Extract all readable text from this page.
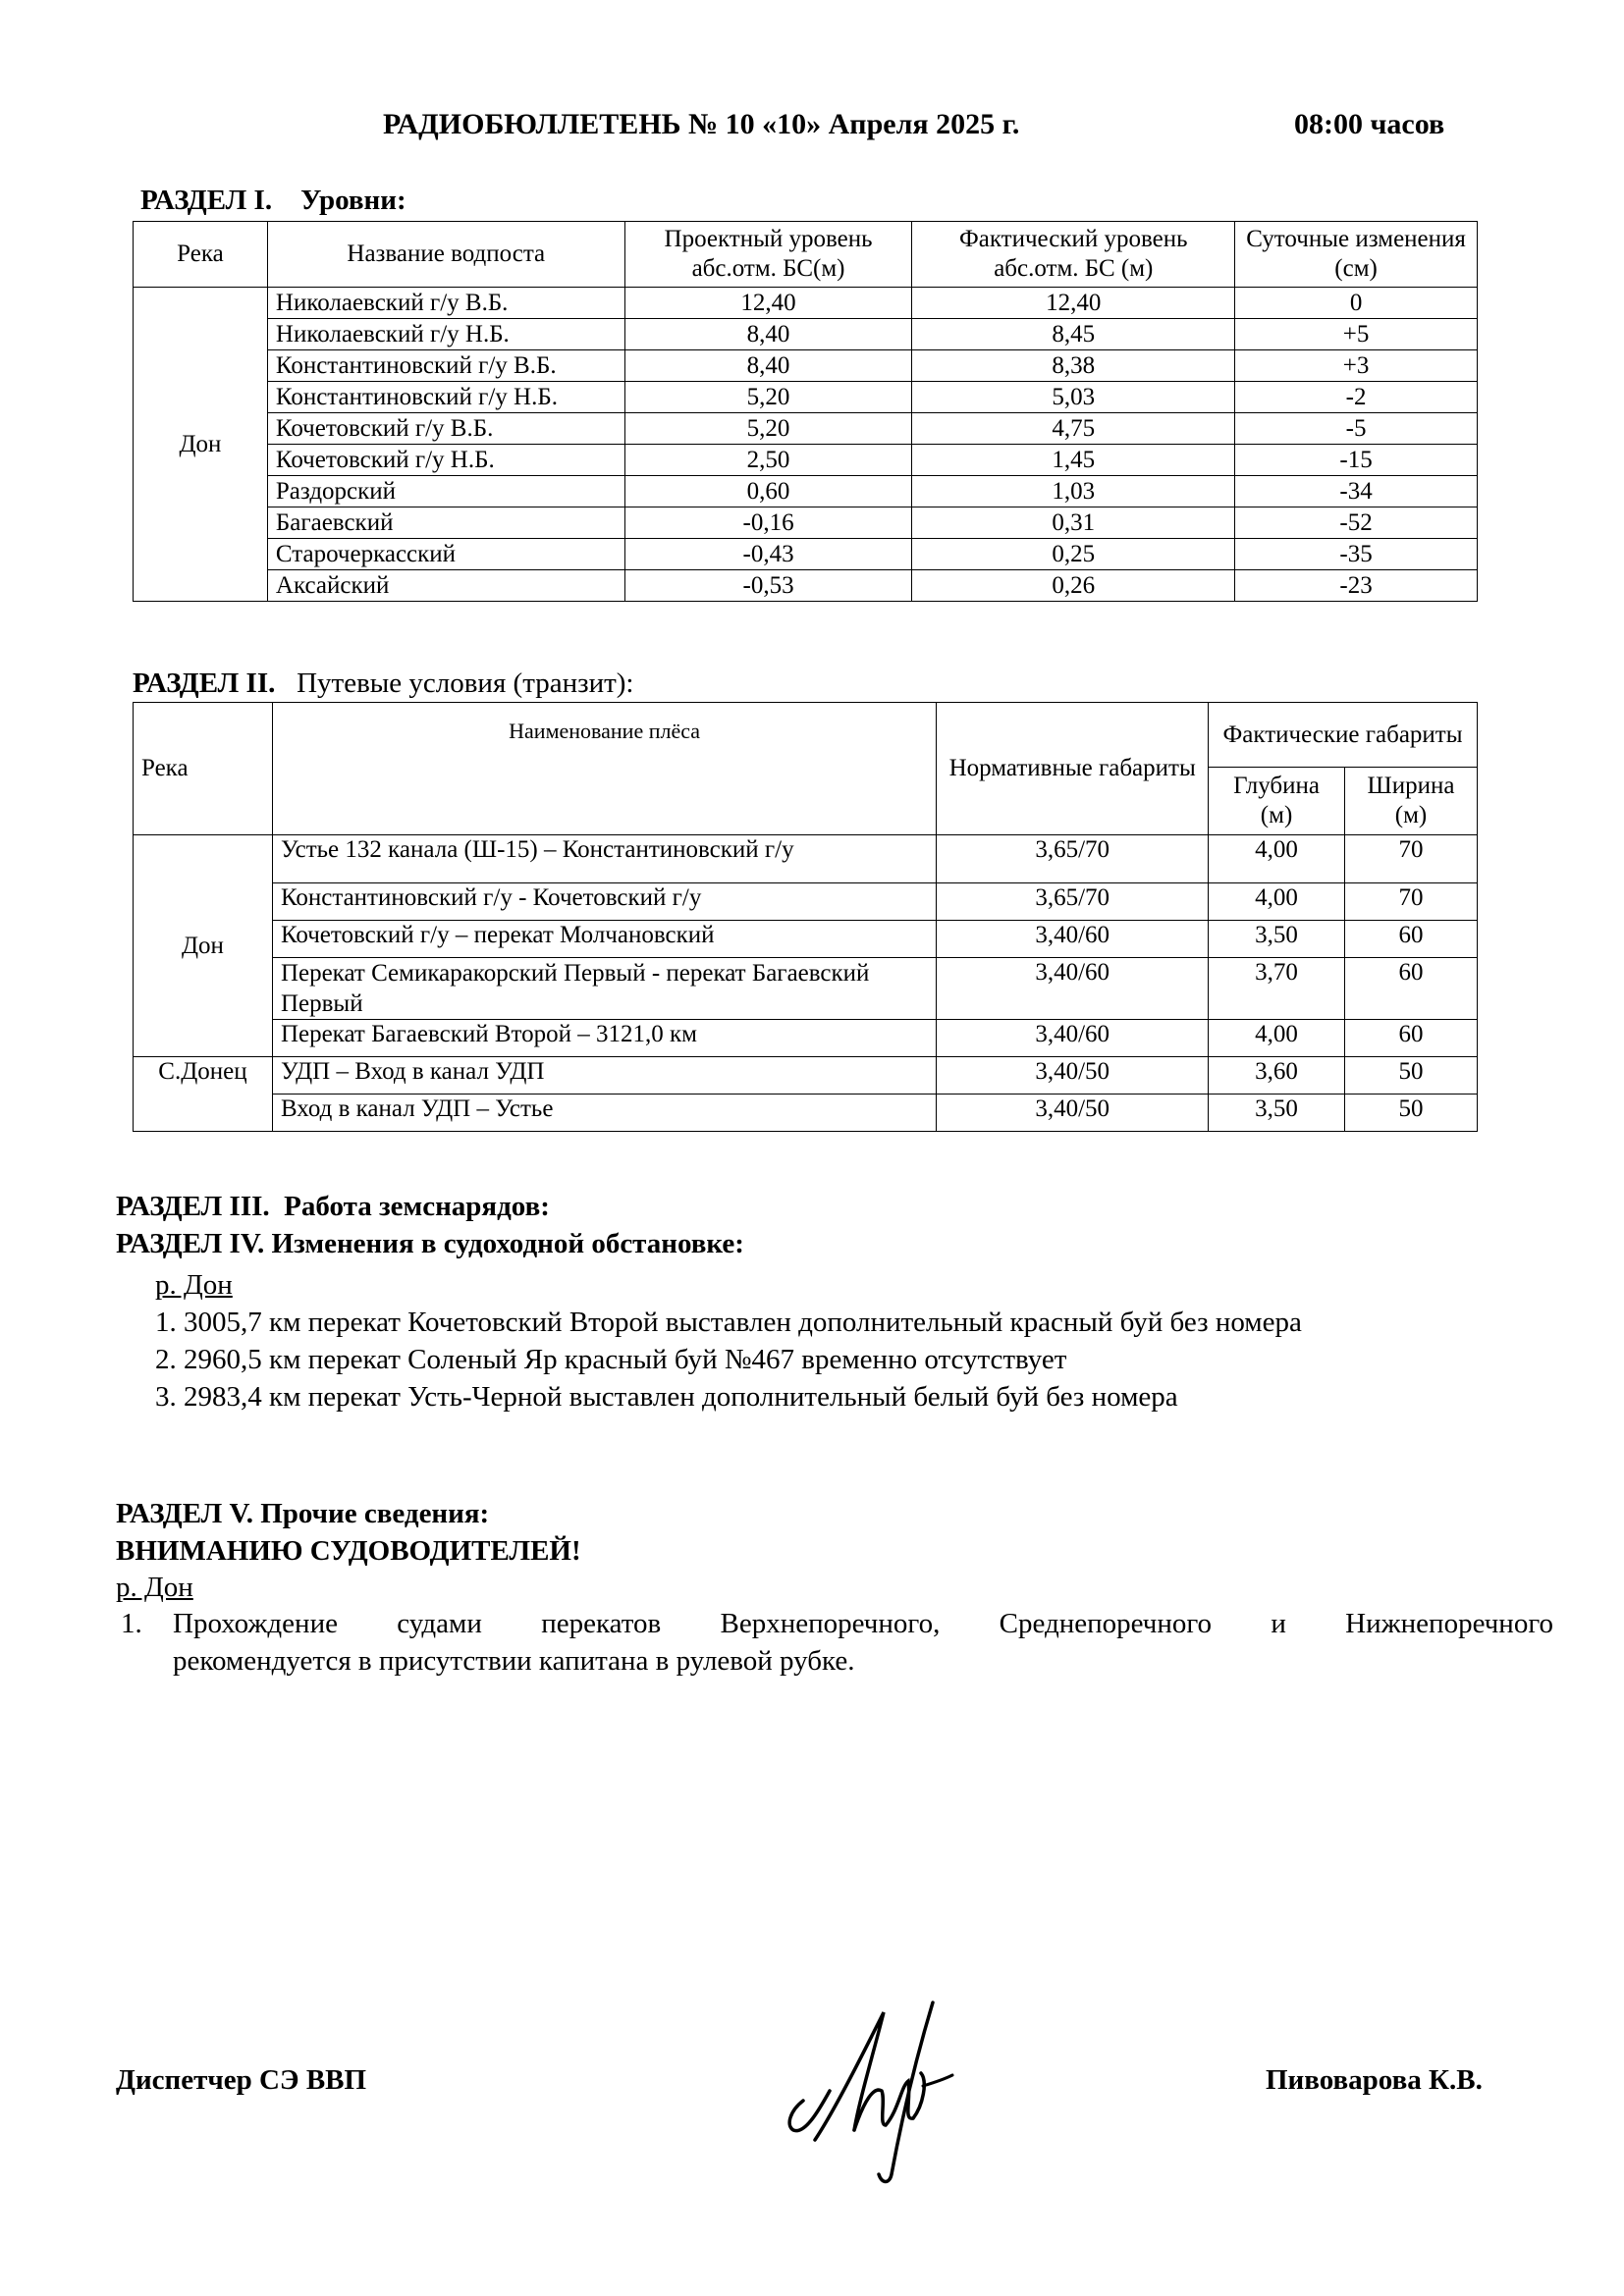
РАДИОБЮЛЛЕТЕНЬ № 10 «10» Апреля 2025 г.	08:00 часов
РАЗДЕЛ I. Уровни:
Река	Название водпоста	Проектный уровень абс.отм. БС(м)	Фактический уровень абс.отм. БС (м)	Суточные изменения (см)
Дон	Николаевский г/у В.Б.	12,40	12,40	0
	Николаевский г/у Н.Б.	8,40	8,45	+5
	Константиновский г/у В.Б.	8,40	8,38	+3
	Константиновский г/у Н.Б.	5,20	5,03	-2
	Кочетовский г/у В.Б.	5,20	4,75	-5
	Кочетовский г/у Н.Б.	2,50	1,45	-15
	Раздорский	0,60	1,03	-34
	Багаевский	-0,16	0,31	-52
	Старочеркасский	-0,43	0,25	-35
	Аксайский	-0,53	0,26	-23
РАЗДЕЛ II. Путевые условия (транзит):
Река	Наименование плёса	Нормативные габариты	Фактические габариты	
			Глубина (м)	Ширина (м)
Дон	Устье 132 канала (Ш-15) – Константиновский г/у	3,65/70	4,00	70
	Константиновский г/у - Кочетовский г/у	3,65/70	4,00	70
	Кочетовский г/у – перекат Молчановский	3,40/60	3,50	60
	Перекат Семикаракорский Первый - перекат Багаевский Первый	3,40/60	3,70	60
	Перекат Багаевский Второй – 3121,0 км	3,40/60	4,00	60
С.Донец	УДП – Вход в канал УДП	3,40/50	3,60	50
	Вход в канал УДП – Устье	3,40/50	3,50	50
РАЗДЕЛ III. Работа земснарядов:
РАЗДЕЛ IV. Изменения в судоходной обстановке:
р. Дон
1. 3005,7 км перекат Кочетовский Второй выставлен дополнительный красный буй без номера
2. 2960,5 км перекат Соленый Яр красный буй №467 временно отсутствует
3. 2983,4 км перекат Усть-Черной выставлен дополнительный белый буй без номера
РАЗДЕЛ V. Прочие сведения:
ВНИМАНИЮ СУДОВОДИТЕЛЕЙ!
р. Дон
1. Прохождение судами перекатов Верхнепоречного, Среднепоречного и Нижнепоречного
рекомендуется в присутствии капитана в рулевой рубке.
Диспетчер СЭ ВВП	Пивоварова К.В.
